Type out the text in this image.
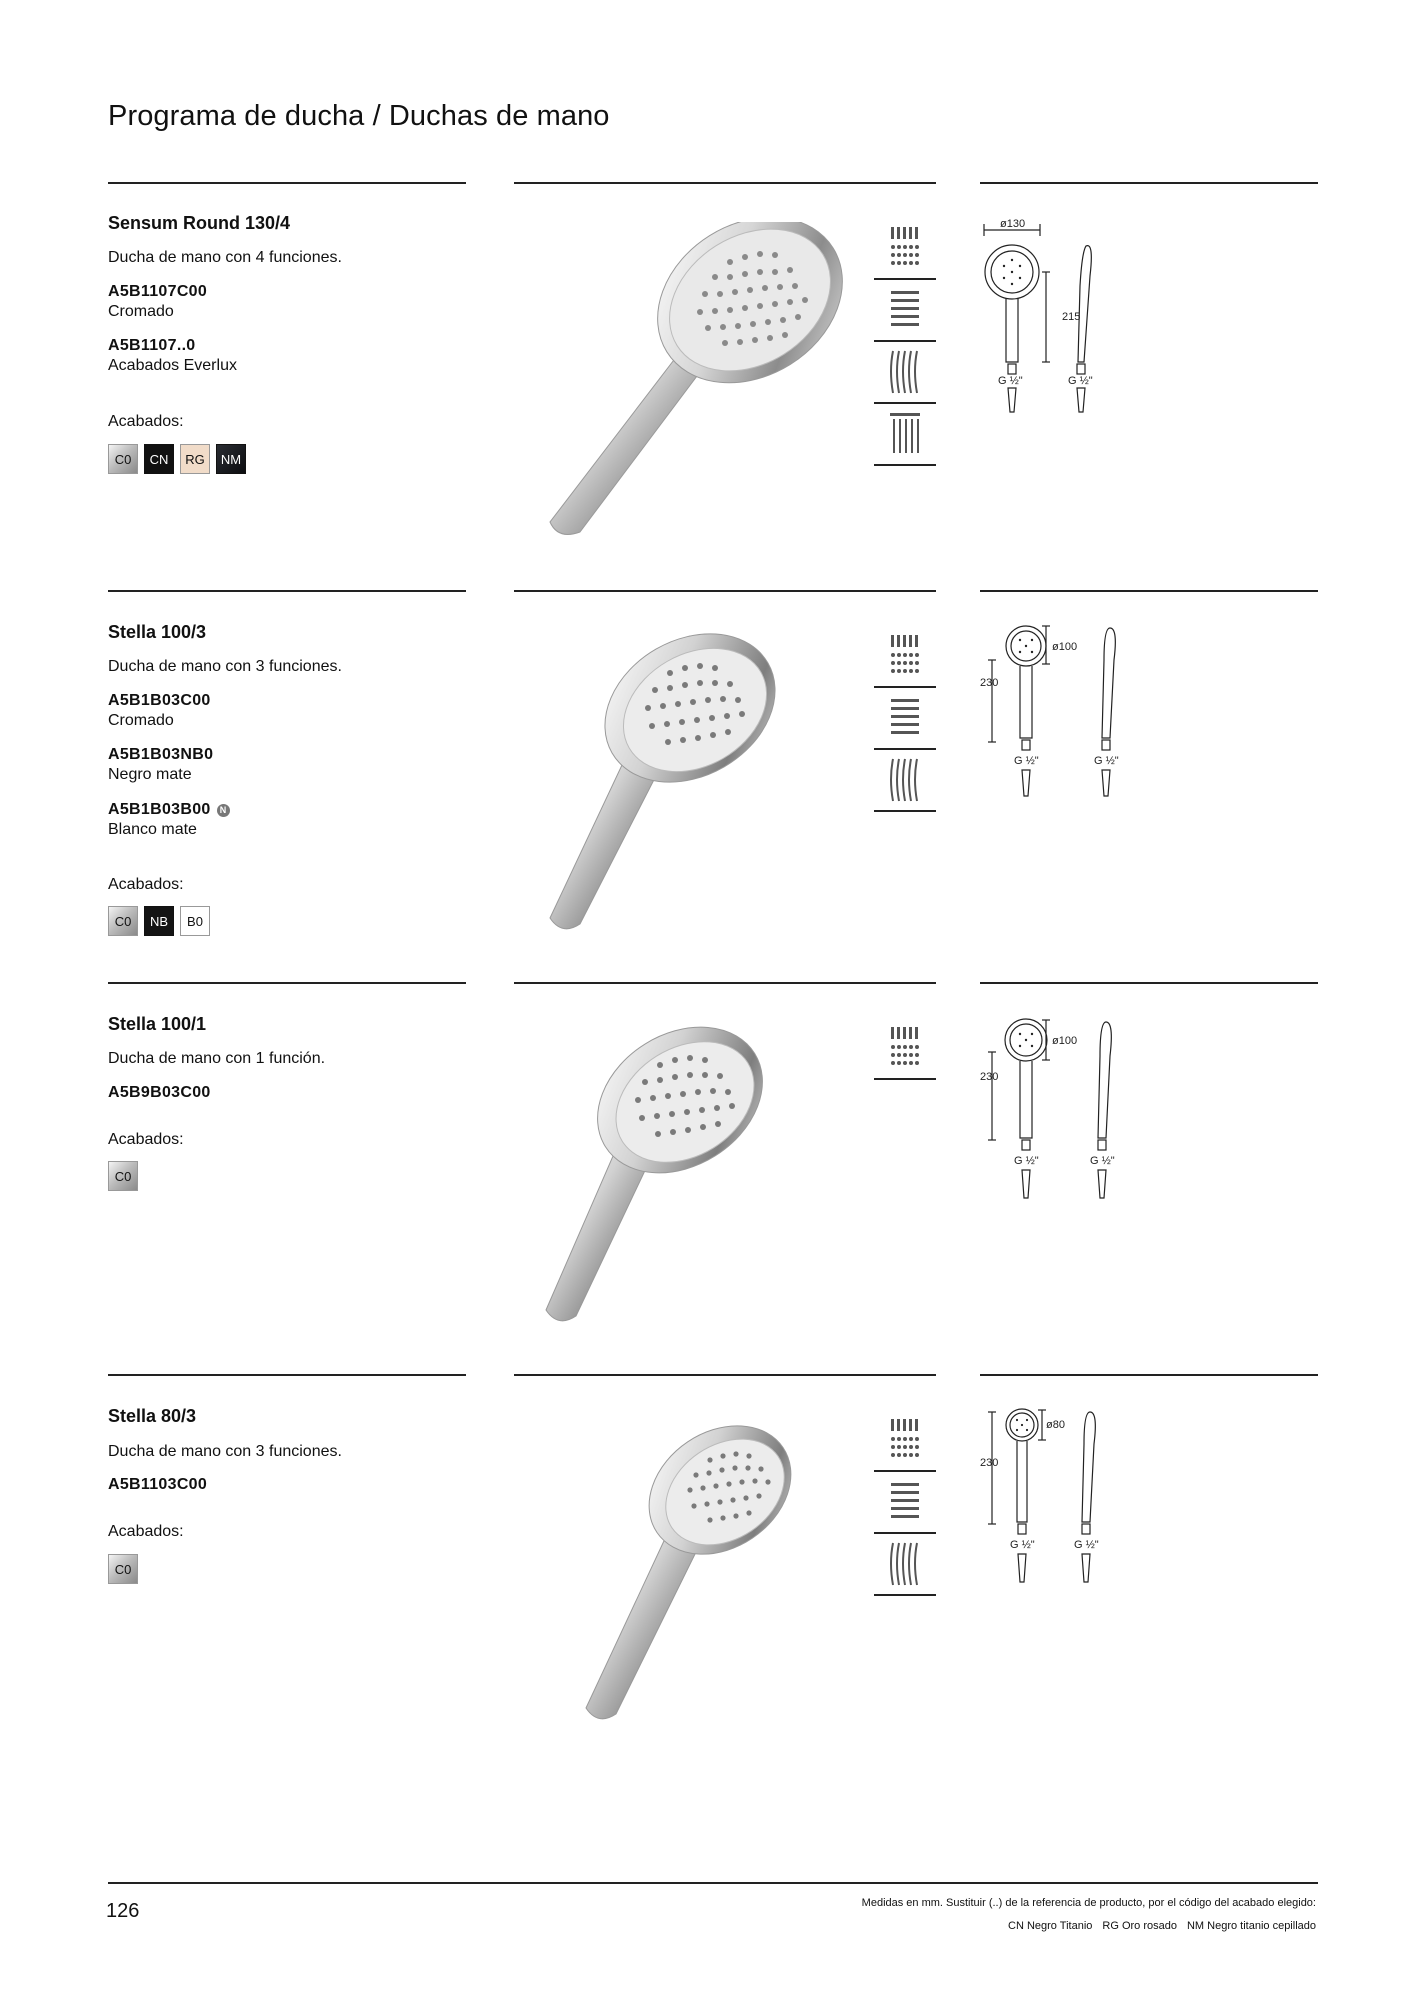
Programa de ducha / Duchas de mano
Sensum Round 130/4
Ducha de mano con 4 funciones.
A5B1107C00
Cromado
A5B1107..0
Acabados Everlux
Acabados:
C0	CN	RG	NM
ø130
215
G ½"	G ½"
Stella 100/3
Ducha de mano con 3 funciones.
A5B1B03C00
Cromado
A5B1B03NB0
Negro mate
A5B1B03B00 N
Blanco mate
Acabados:
C0	NB	B0
ø100
230
G ½"	G ½"
Stella 100/1
Ducha de mano con 1 función.
A5B9B03C00
Acabados:
C0
ø100
230
G ½"	G ½"
Stella 80/3
Ducha de mano con 3 funciones.
A5B1103C00
Acabados:
C0
ø80
230
G ½"	G ½"
126	Medidas en mm. Sustituir (..) de la referencia de producto, por el código del acabado elegido:
CN Negro Titanio RG Oro rosado NM Negro titanio cepillado
